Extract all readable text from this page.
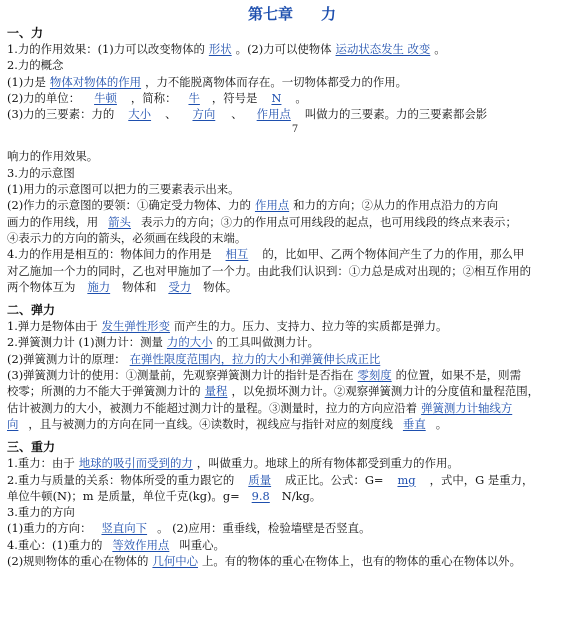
第七章 力
一、力
1.力的作用效果：(1)力可以改变物体的 形状 。(2)力可以使物体 运动状态发生 改变 。
2.力的概念
(1)力是 物体对物体的作用 ，力不能脱离物体而存在。一切物体都受力的作用。
(2)力的单位： 牛顿 ，简称： 牛 ，符号是 N 。
(3)力的三要素：力的 大小 、 方向 、 作用点 叫做力的三要素。力的三要素都会影
7
响力的作用效果。
3.力的示意图
(1)用力的示意图可以把力的三要素表示出来。
(2)作力的示意图的要领：①确定受力物体、力的 作用点 和力的方向；②从力的作用点沿力的方向
画力的作用线，用 箭头 表示力的方向；③力的作用点可用线段的起点，也可用线段的终点来表示；
④表示力的方向的箭头，必须画在线段的末端。
4.力的作用是相互的：物体间力的作用是 相互 的，比如甲、乙两个物体间产生了力的作用，那么甲
对乙施加一个力的同时，乙也对甲施加了一个力。由此我们认识到：①力总是成对出现的；②相互作用的
两个物体互为 施力 物体和 受力 物体。
二、弹力
1.弹力是物体由于 发生弹性形变 而产生的力。压力、支持力、拉力等的实质都是弹力。
2.弹簧测力计 (1)测力计：测量 力的大小 的工具叫做测力计。
(2)弹簧测力计的原理： 在弹性限度范围内，拉力的大小和弹簧伸长成正比
(3)弹簧测力计的使用：①测量前，先观察弹簧测力计的指针是否指在 零刻度 的位置，如果不是，则需
校零；所测的力不能大于弹簧测力计的 量程 ，以免损坏测力计。②观察弹簧测力计的分度值和量程范围，
估计被测力的大小，被测力不能超过测力计的量程。③测量时，拉力的方向应沿着 弹簧测力计轴线方
向 ，且与被测力的方向在同一直线。④读数时，视线应与指针对应的刻度线 垂直 。
三、重力
1.重力：由于 地球的吸引而受到的力 ，叫做重力。地球上的所有物体都受到重力的作用。
2.重力与质量的关系：物体所受的重力跟它的 质量 成正比。公式：G= mg ，式中，G 是重力，
单位牛顿(N)；m 是质量，单位千克(kg)。g= 9.8 N/kg。
3.重力的方向
(1)重力的方向： 竖直向下 。 (2)应用：重垂线，检验墙壁是否竖直。
4.重心：(1)重力的 等效作用点 叫重心。
(2)规则物体的重心在物体的 几何中心 上。有的物体的重心在物体上，也有的物体的重心在物体以外。
